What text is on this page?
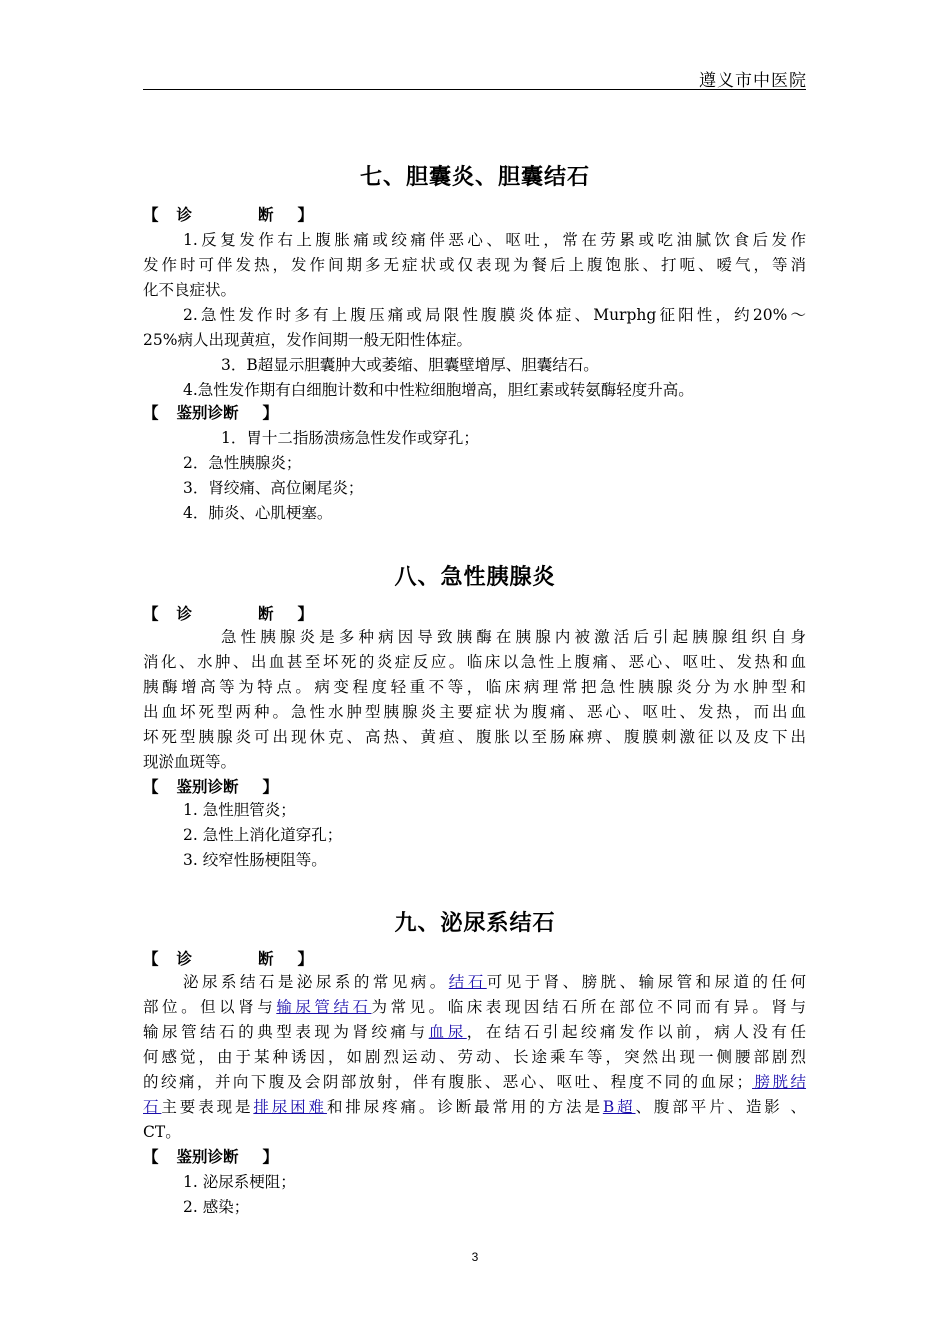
遵义市中医院
七、胆囊炎、胆囊结石
【 诊	断 】
1.反复发作右上腹胀痛或绞痛伴恶心、呕吐，常在劳累或吃油腻饮食后发作
发作时可伴发热，发作间期多无症状或仅表现为餐后上腹饱胀、打呃、嗳气，等消
化不良症状。
2.急性发作时多有上腹压痛或局限性腹膜炎体症、Murphg征阳性，约20%～
25%病人出现黄疸，发作间期一般无阳性体症。
3．B超显示胆囊肿大或萎缩、胆囊壁增厚、胆囊结石。
4.急性发作期有白细胞计数和中性粒细胞增高，胆红素或转氨酶轻度升高。
【 鉴别诊断 】
1．胃十二指肠溃疡急性发作或穿孔；
2．急性胰腺炎；
3．肾绞痛、高位阑尾炎；
4．肺炎、心肌梗塞。
八、急性胰腺炎
【 诊	断 】
急性胰腺炎是多种病因导致胰酶在胰腺内被激活后引起胰腺组织自身
消化、水肿、出血甚至坏死的炎症反应。临床以急性上腹痛、恶心、呕吐、发热和血
胰酶增高等为特点。病变程度轻重不等，临床病理常把急性胰腺炎分为水肿型和
出血坏死型两种。急性水肿型胰腺炎主要症状为腹痛、恶心、呕吐、发热，而出血
坏死型胰腺炎可出现休克、高热、黄疸、腹胀以至肠麻痹、腹膜刺激征以及皮下出
现淤血斑等。
【 鉴别诊断 】
1. 急性胆管炎；
2. 急性上消化道穿孔；
3. 绞窄性肠梗阻等。
九、泌尿系结石
【 诊	断 】
泌尿系结石是泌尿系的常见病。结石可见于肾、膀胱、输尿管和尿道的任何
部位。但以肾与输尿管结石为常见。临床表现因结石所在部位不同而有异。肾与
输尿管结石的典型表现为肾绞痛与血尿，在结石引起绞痛发作以前，病人没有任
何感觉，由于某种诱因，如剧烈运动、劳动、长途乘车等，突然出现一侧腰部剧烈
的绞痛，并向下腹及会阴部放射，伴有腹胀、恶心、呕吐、程度不同的血尿；膀胱结
石主要表现是排尿困难和排尿疼痛。诊断最常用的方法是B超、腹部平片、造影 、
CT。
【 鉴别诊断 】
1. 泌尿系梗阻；
2. 感染；
3
